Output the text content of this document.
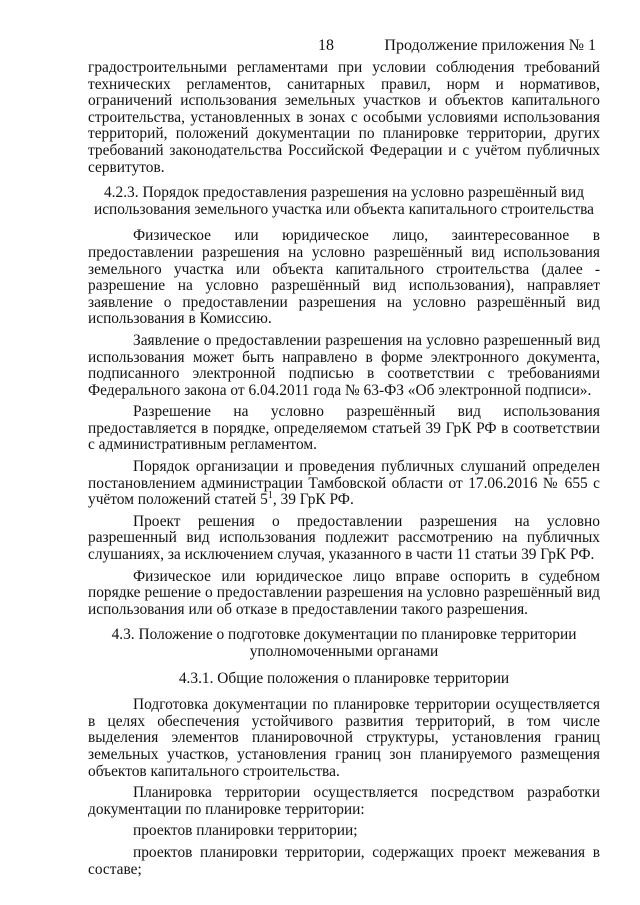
18	Продолжение приложения № 1

градостроительными регламентами при условии соблюдения требований технических регламентов, санитарных правил, норм и нормативов, ограничений использования земельных участков и объектов капитального строительства, установленных в зонах с особыми условиями использования территорий, положений документации по планировке территории, других требований законодательства Российской Федерации и с учётом публичных сервитутов.

4.2.3. Порядок предоставления разрешения на условно разрешённый вид использования земельного участка или объекта капитального строительства

Физическое или юридическое лицо, заинтересованное в предоставлении разрешения на условно разрешённый вид использования земельного участка или объекта капитального строительства (далее - разрешение на условно разрешённый вид использования), направляет заявление о предоставлении разрешения на условно разрешённый вид использования в Комиссию.

Заявление о предоставлении разрешения на условно разрешенный вид использования может быть направлено в форме электронного документа, подписанного электронной подписью в соответствии с требованиями Федерального закона от 6.04.2011 года № 63-ФЗ «Об электронной подписи».

Разрешение на условно разрешённый вид использования предоставляется в порядке, определяемом статьей 39 ГрК РФ в соответствии с административным регламентом.

Порядок организации и проведения публичных слушаний определен постановлением администрации Тамбовской области от 17.06.2016 № 655 с учётом положений статей $5^1$, 39 ГрК РФ.

Проект решения о предоставлении разрешения на условно разрешенный вид использования подлежит рассмотрению на публичных слушаниях, за исключением случая, указанного в части 11 статьи 39 ГрК РФ.

Физическое или юридическое лицо вправе оспорить в судебном порядке решение о предоставлении разрешения на условно разрешённый вид использования или об отказе в предоставлении такого разрешения.

4.3. Положение о подготовке документации по планировке территории уполномоченными органами
4.3.1. Общие положения о планировке территории

Подготовка документации по планировке территории осуществляется в целях обеспечения устойчивого развития территорий, в том числе выделения элементов планировочной структуры, установления границ земельных участков, установления границ зон планируемого размещения объектов капитального строительства.

Планировка территории осуществляется посредством разработки документации по планировке территории:

проектов планировки территории;

проектов планировки территории, содержащих проект межевания в составе;
